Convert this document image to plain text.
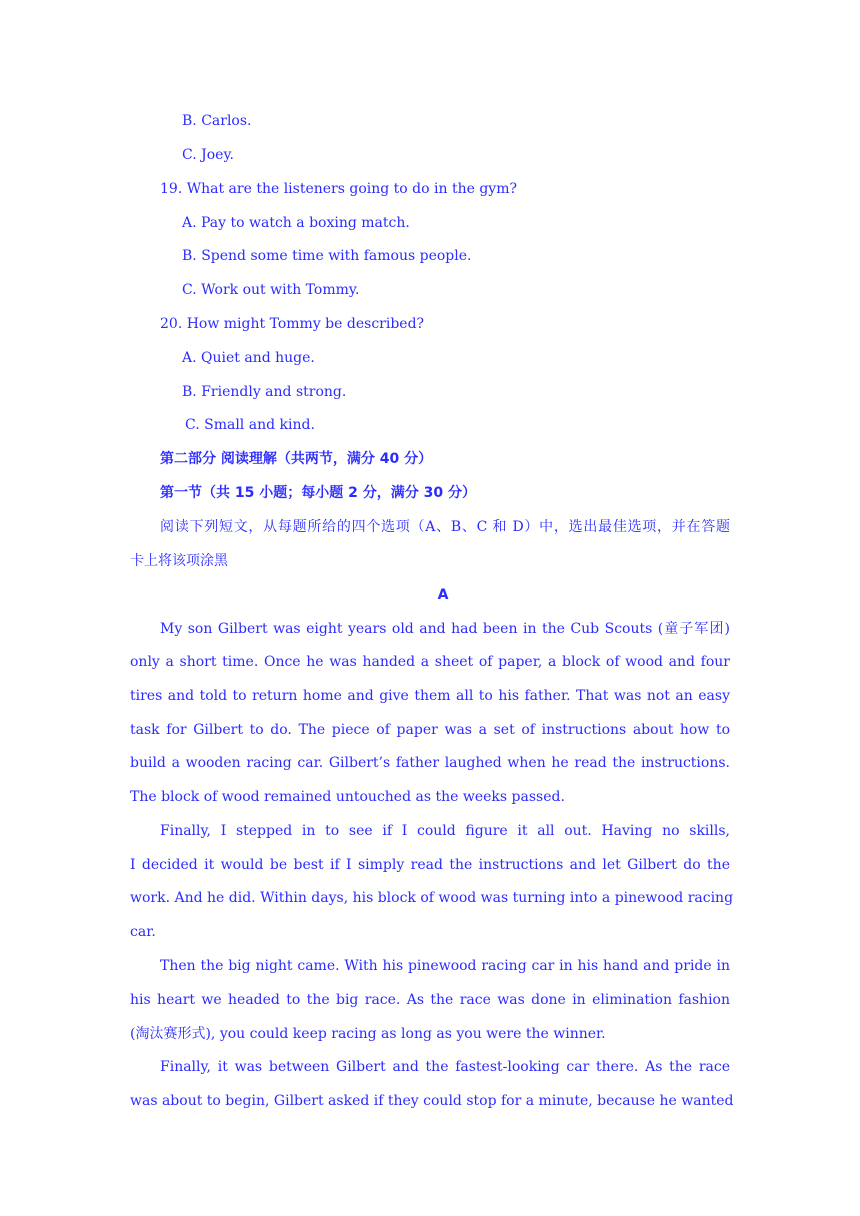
B. Carlos.
C. Joey.
19. What are the listeners going to do in the gym?
A. Pay to watch a boxing match.
B. Spend some time with famous people.
C. Work out with Tommy.
20. How might Tommy be described?
A. Quiet and huge.
B. Friendly and strong.
C. Small and kind.
第二部分 阅读理解（共两节，满分 40 分）
第一节（共 15 小题；每小题 2 分，满分 30 分）
阅读下列短文，从每题所给的四个选项（A、B、C 和 D）中，选出最佳选项，并在答题
卡上将该项涂黑
A
My son Gilbert was eight years old and had been in the Cub Scouts (童子军团)
only a short time. Once he was handed a sheet of paper, a block of wood and four
tires and told to return home and give them all to his father. That was not an easy
task for Gilbert to do. The piece of paper was a set of instructions about how to
build a wooden racing car. Gilbert’s father laughed when he read the instructions.
The block of wood remained untouched as the weeks passed.
Finally, I stepped in to see if I could figure it all out. Having no skills,
I decided it would be best if I simply read the instructions and let Gilbert do the
work. And he did. Within days, his block of wood was turning into a pinewood racing
car.
Then the big night came. With his pinewood racing car in his hand and pride in
his heart we headed to the big race. As the race was done in elimination fashion
(淘汰赛形式), you could keep racing as long as you were the winner.
Finally, it was between Gilbert and the fastest-looking car there. As the race
was about to begin, Gilbert asked if they could stop for a minute, because he wanted
